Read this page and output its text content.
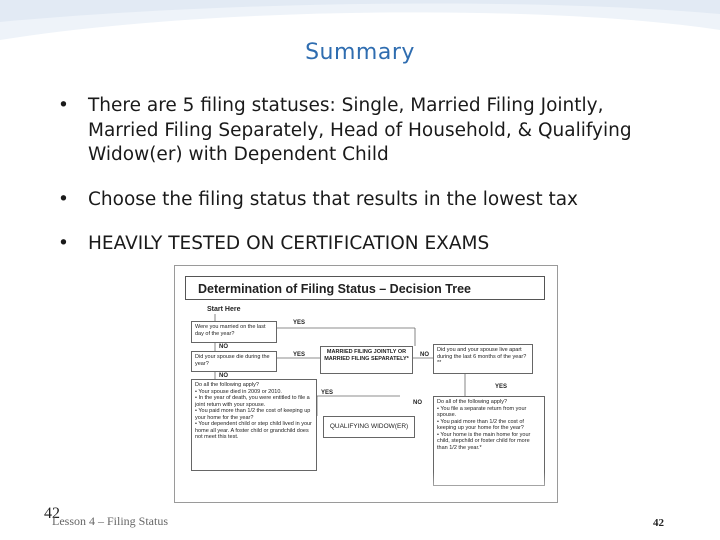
Summary
• There are 5 filing statuses: Single, Married Filing Jointly, Married Filing Separately, Head of Household, & Qualifying Widow(er) with Dependent Child
• Choose the filing status that results in the lowest tax
• HEAVILY TESTED ON CERTIFICATION EXAMS
Determination of Filing Status – Decision Tree
Start Here
Were you married on the last day of the year?
Did your spouse die during the year?
MARRIED FILING JOINTLY OR MARRIED FILING SEPARATELY*
Did you and your spouse live apart during the last 6 months of the year?**
Do all the following apply?
• Your spouse died in 2009 or 2010.
• In the year of death, you were entitled to file a joint return with your spouse.
• You paid more than 1/2 the cost of keeping up your home for the year?
• Your dependent child or step child lived in your home all year. A foster child or grandchild does not meet this test.
QUALIFYING WIDOW(ER)
Do all of the following apply?
• You file a separate return from your spouse.
• You paid more than 1/2 the cost of keeping up your home for the year?
• Your home is the main home for your child, stepchild or foster child for more than 1/2 the year.*
YES
NO
YES
NO
NO
YES
NO
YES
42
Lesson 4 – Filing Status	42
